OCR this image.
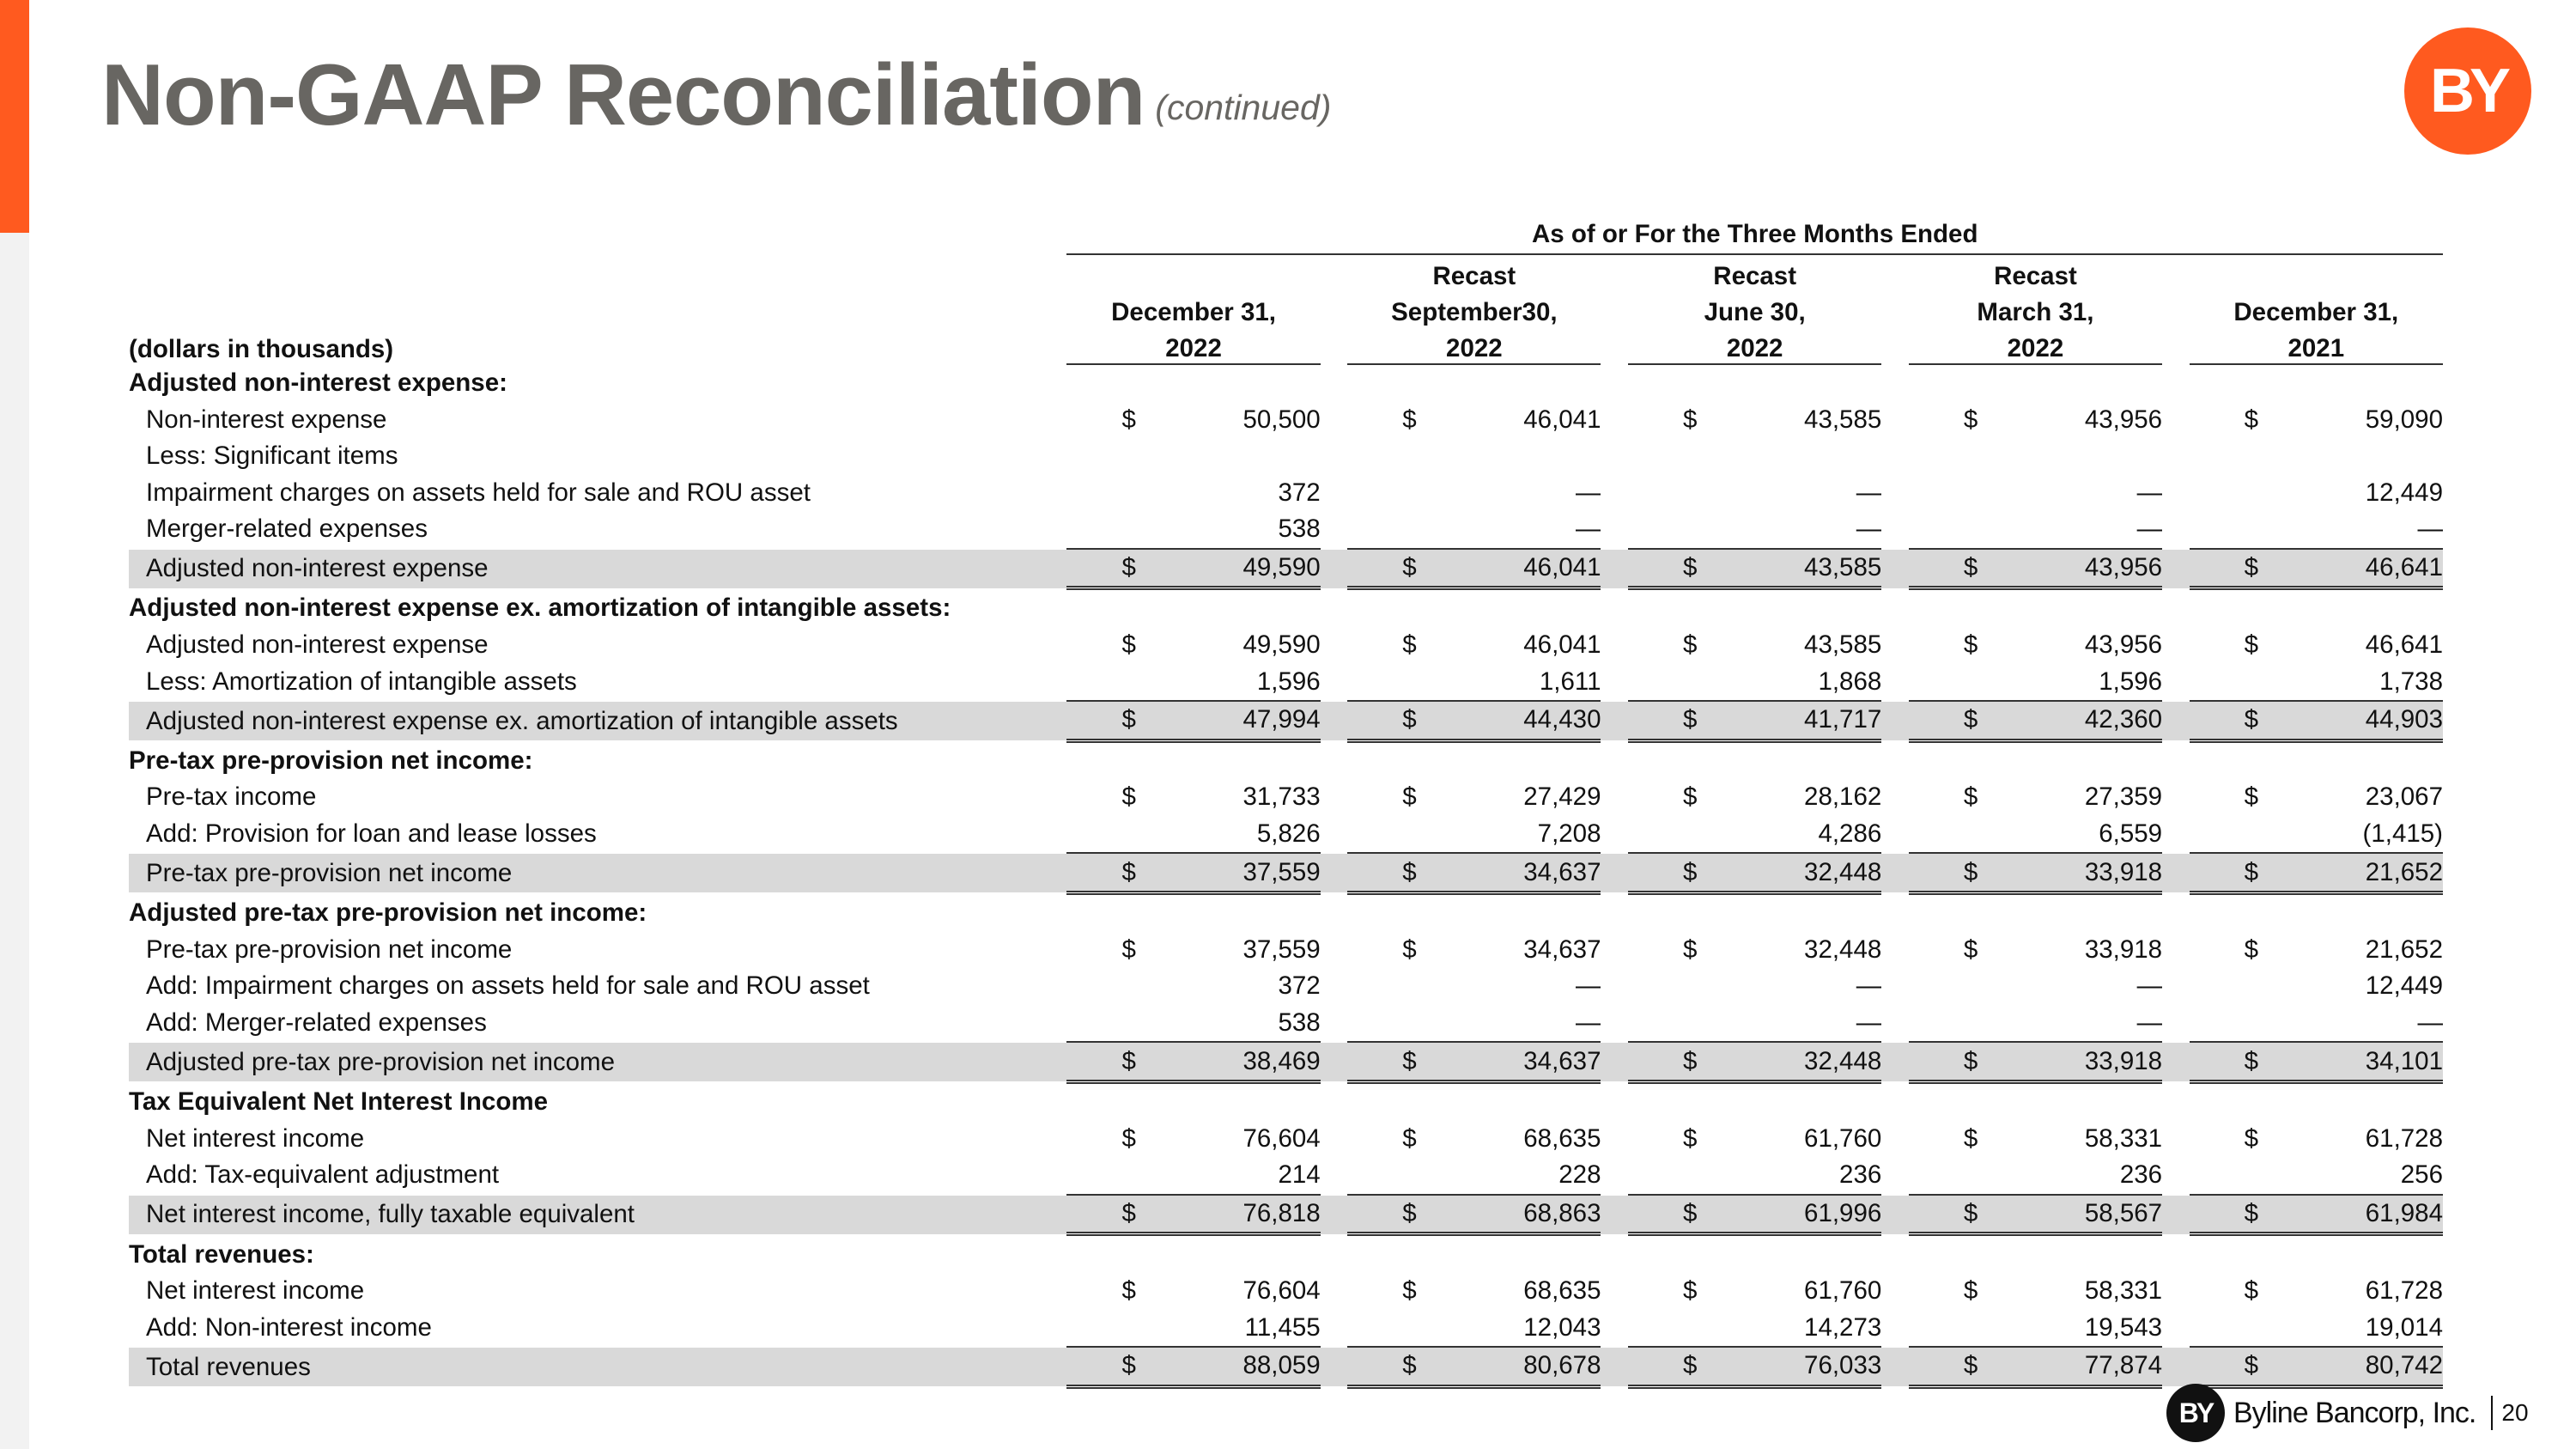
Non-GAAP Reconciliation (continued)	BY
	As of or For the Three Months Ended													
				Recast			Recast			Recast				
	December 31,			September30,			June 30,			March 31,			December 31,	
(dollars in thousands)	2022			2022			2022			2022			2021	
Adjusted non-interest expense:														
Non-interest expense	$	50,500		$	46,041		$	43,585		$	43,956		$	59,090
Less: Significant items														
Impairment charges on assets held for sale and ROU asset		372			—			—			—			12,449
Merger-related expenses		538			—			—			—			—
Adjusted non-interest expense	$	49,590		$	46,041		$	43,585		$	43,956		$	46,641
Adjusted non-interest expense ex. amortization of intangible assets:														
Adjusted non-interest expense	$	49,590		$	46,041		$	43,585		$	43,956		$	46,641
Less: Amortization of intangible assets		1,596			1,611			1,868			1,596			1,738
Adjusted non-interest expense ex. amortization of intangible assets	$	47,994		$	44,430		$	41,717		$	42,360		$	44,903
Pre-tax pre-provision net income:														
Pre-tax income	$	31,733		$	27,429		$	28,162		$	27,359		$	23,067
Add: Provision for loan and lease losses		5,826			7,208			4,286			6,559			(1,415)
Pre-tax pre-provision net income	$	37,559		$	34,637		$	32,448		$	33,918		$	21,652
Adjusted pre-tax pre-provision net income:														
Pre-tax pre-provision net income	$	37,559		$	34,637		$	32,448		$	33,918		$	21,652
Add: Impairment charges on assets held for sale and ROU asset		372			—			—			—			12,449
Add: Merger-related expenses		538			—			—			—			—
Adjusted pre-tax pre-provision net income	$	38,469		$	34,637		$	32,448		$	33,918		$	34,101
Tax Equivalent Net Interest Income														
Net interest income	$	76,604		$	68,635		$	61,760		$	58,331		$	61,728
Add: Tax-equivalent adjustment		214			228			236			236			256
Net interest income, fully taxable equivalent	$	76,818		$	68,863		$	61,996		$	58,567		$	61,984
Total revenues:														
Net interest income	$	76,604		$	68,635		$	61,760		$	58,331		$	61,728
Add: Non-interest income		11,455			12,043			14,273			19,543			19,014
Total revenues	$	88,059		$	80,678		$	76,033		$	77,874		$	80,742
BY Byline Bancorp, Inc. 20
